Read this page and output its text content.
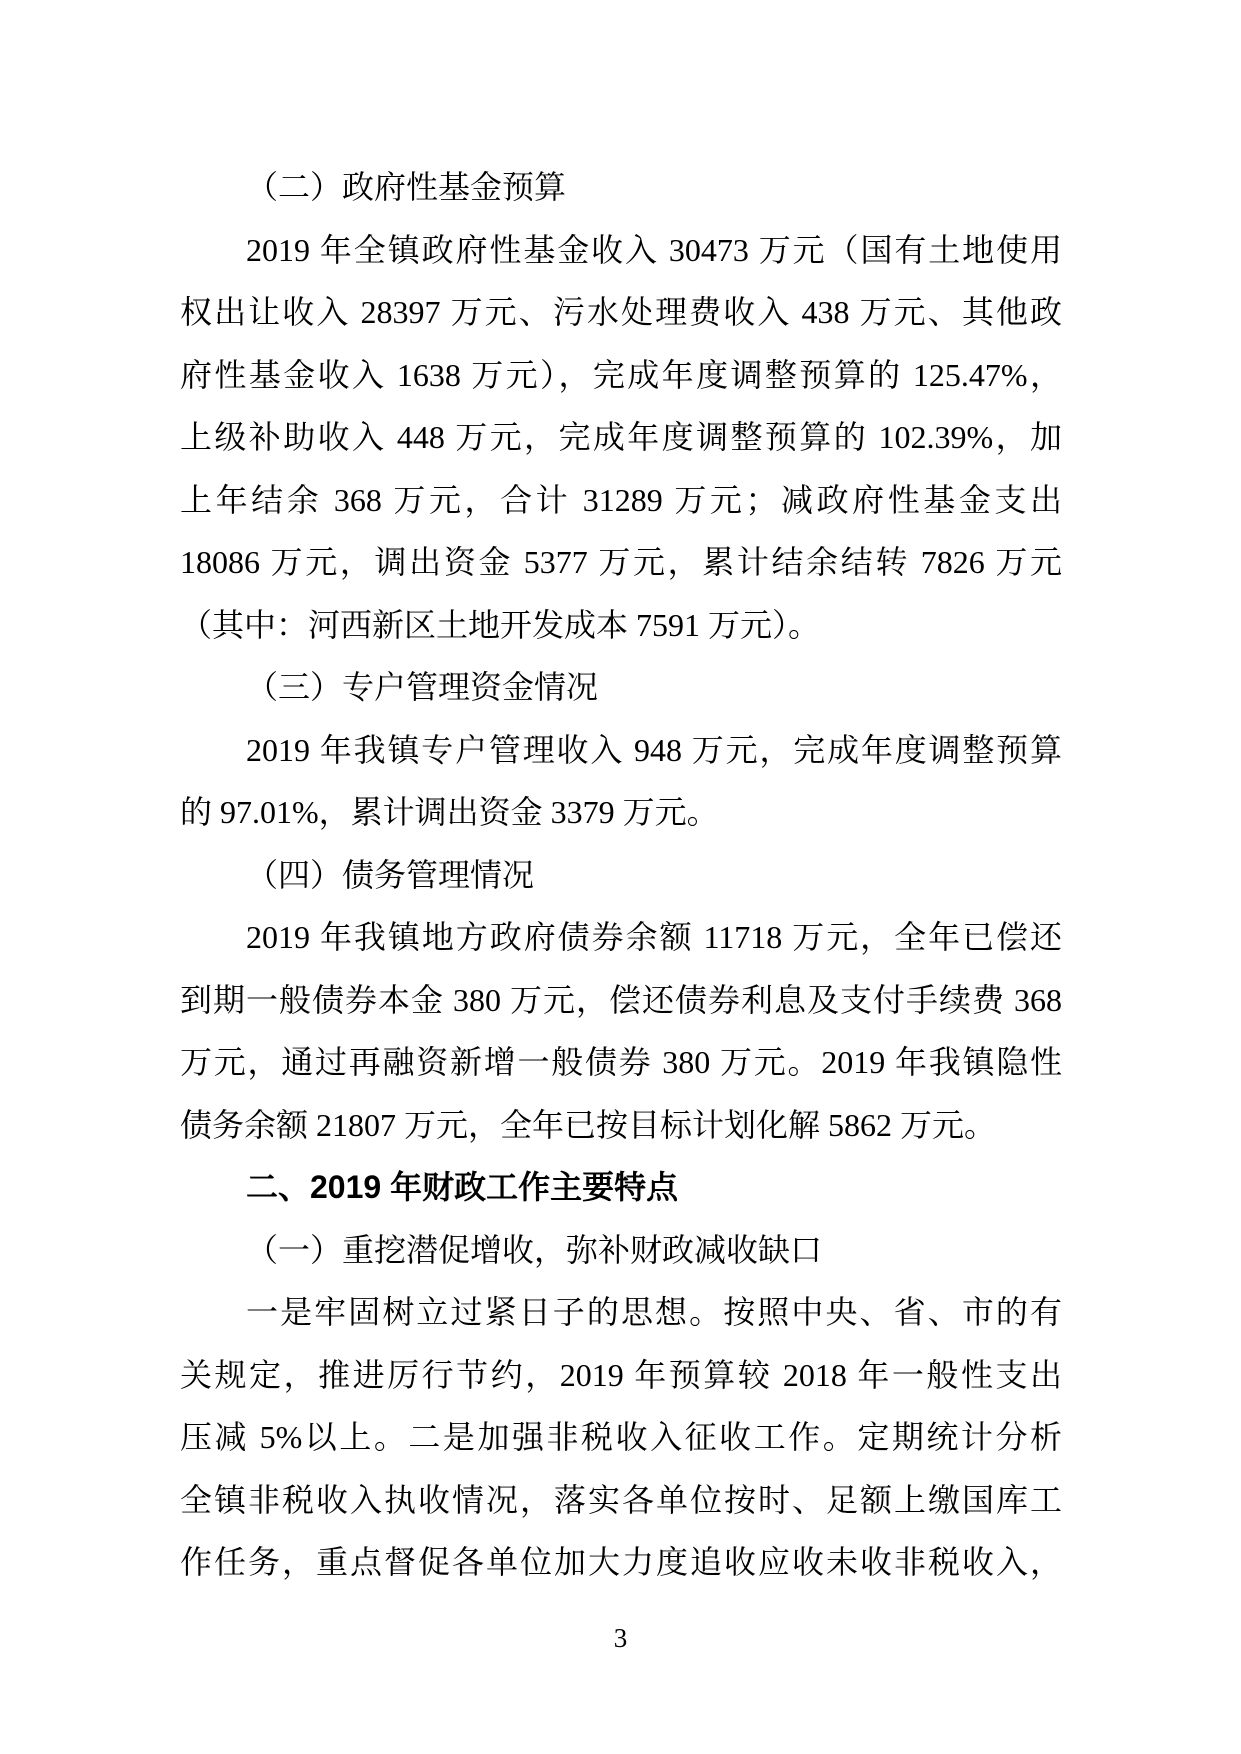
（二）政府性基金预算
2019 年全镇政府性基金收入 30473 万元（国有土地使用
权出让收入 28397 万元、污水处理费收入 438 万元、其他政
府性基金收入 1638 万元），完成年度调整预算的 125.47%，
上级补助收入 448 万元，完成年度调整预算的 102.39%，加
上年结余 368 万元，合计 31289 万元；减政府性基金支出
18086 万元，调出资金 5377 万元，累计结余结转 7826 万元
（其中：河西新区土地开发成本 7591 万元）。
（三）专户管理资金情况
2019 年我镇专户管理收入 948 万元，完成年度调整预算
的 97.01%，累计调出资金 3379 万元。
（四）债务管理情况
2019 年我镇地方政府债券余额 11718 万元，全年已偿还
到期一般债券本金 380 万元，偿还债券利息及支付手续费 368
万元，通过再融资新增一般债券 380 万元。2019 年我镇隐性
债务余额 21807 万元，全年已按目标计划化解 5862 万元。
二、2019 年财政工作主要特点
（一）重挖潜促增收，弥补财政减收缺口
一是牢固树立过紧日子的思想。按照中央、省、市的有
关规定，推进厉行节约，2019 年预算较 2018 年一般性支出
压减 5%以上。二是加强非税收入征收工作。定期统计分析
全镇非税收入执收情况，落实各单位按时、足额上缴国库工
作任务，重点督促各单位加大力度追收应收未收非税收入，
3
